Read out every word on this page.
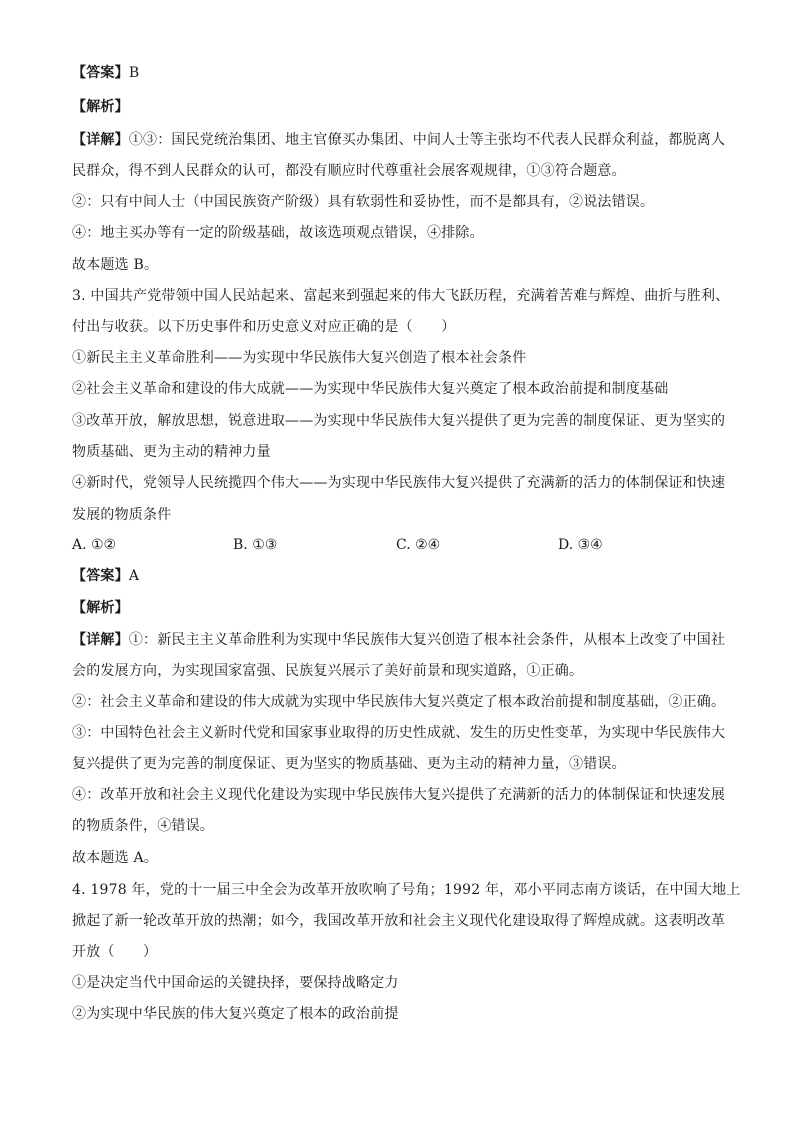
【答案】B
【解析】
【详解】①③：国民党统治集团、地主官僚买办集团、中间人士等主张均不代表人民群众利益，都脱离人
民群众，得不到人民群众的认可，都没有顺应时代尊重社会展客观规律，①③符合题意。
②：只有中间人士（中国民族资产阶级）具有软弱性和妥协性，而不是都具有，②说法错误。
④：地主买办等有一定的阶级基础，故该选项观点错误，④排除。
故本题选 B。
3. 中国共产党带领中国人民站起来、富起来到强起来的伟大飞跃历程，充满着苦难与辉煌、曲折与胜利、
付出与收获。以下历史事件和历史意义对应正确的是（　　）
①新民主主义革命胜利——为实现中华民族伟大复兴创造了根本社会条件
②社会主义革命和建设的伟大成就——为实现中华民族伟大复兴奠定了根本政治前提和制度基础
③改革开放，解放思想，锐意进取——为实现中华民族伟大复兴提供了更为完善的制度保证、更为坚实的
物质基础、更为主动的精神力量
④新时代，党领导人民统揽四个伟大——为实现中华民族伟大复兴提供了充满新的活力的体制保证和快速
发展的物质条件
A. ①②	B. ①③	C. ②④	D. ③④
【答案】A
【解析】
【详解】①：新民主主义革命胜利为实现中华民族伟大复兴创造了根本社会条件，从根本上改变了中国社
会的发展方向，为实现国家富强、民族复兴展示了美好前景和现实道路，①正确。
②：社会主义革命和建设的伟大成就为实现中华民族伟大复兴奠定了根本政治前提和制度基础，②正确。
③：中国特色社会主义新时代党和国家事业取得的历史性成就、发生的历史性变革，为实现中华民族伟大
复兴提供了更为完善的制度保证、更为坚实的物质基础、更为主动的精神力量，③错误。
④：改革开放和社会主义现代化建设为实现中华民族伟大复兴提供了充满新的活力的体制保证和快速发展
的物质条件，④错误。
故本题选 A。
4. 1978 年，党的十一届三中全会为改革开放吹响了号角；1992 年，邓小平同志南方谈话，在中国大地上
掀起了新一轮改革开放的热潮；如今，我国改革开放和社会主义现代化建设取得了辉煌成就。这表明改革
开放（　　）
①是决定当代中国命运的关键抉择，要保持战略定力
②为实现中华民族的伟大复兴奠定了根本的政治前提
